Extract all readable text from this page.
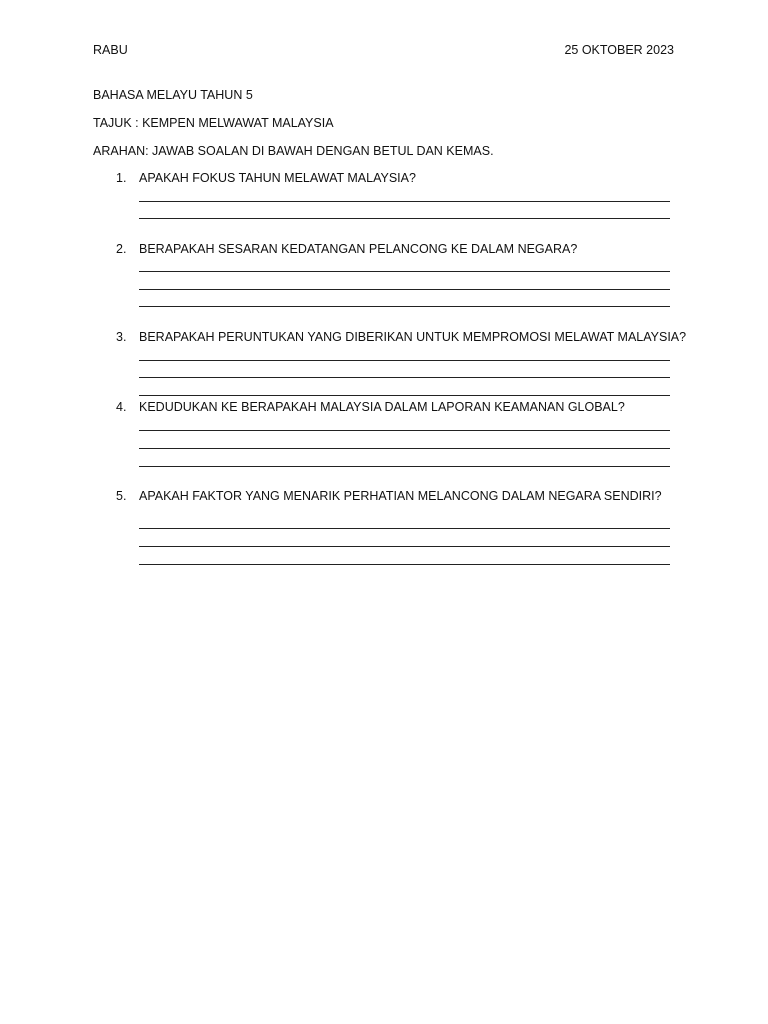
RABU	25 OKTOBER 2023
BAHASA MELAYU TAHUN 5
TAJUK : KEMPEN MELWAWAT MALAYSIA
ARAHAN: JAWAB SOALAN DI BAWAH DENGAN BETUL DAN KEMAS.
1. APAKAH FOKUS TAHUN MELAWAT MALAYSIA?
2. BERAPAKAH SESARAN KEDATANGAN PELANCONG KE DALAM NEGARA?
3. BERAPAKAH PERUNTUKAN YANG DIBERIKAN UNTUK MEMPROMOSI MELAWAT MALAYSIA?
4. KEDUDUKAN KE BERAPAKAH MALAYSIA DALAM LAPORAN KEAMANAN GLOBAL?
5. APAKAH FAKTOR YANG MENARIK PERHATIAN MELANCONG DALAM NEGARA SENDIRI?
